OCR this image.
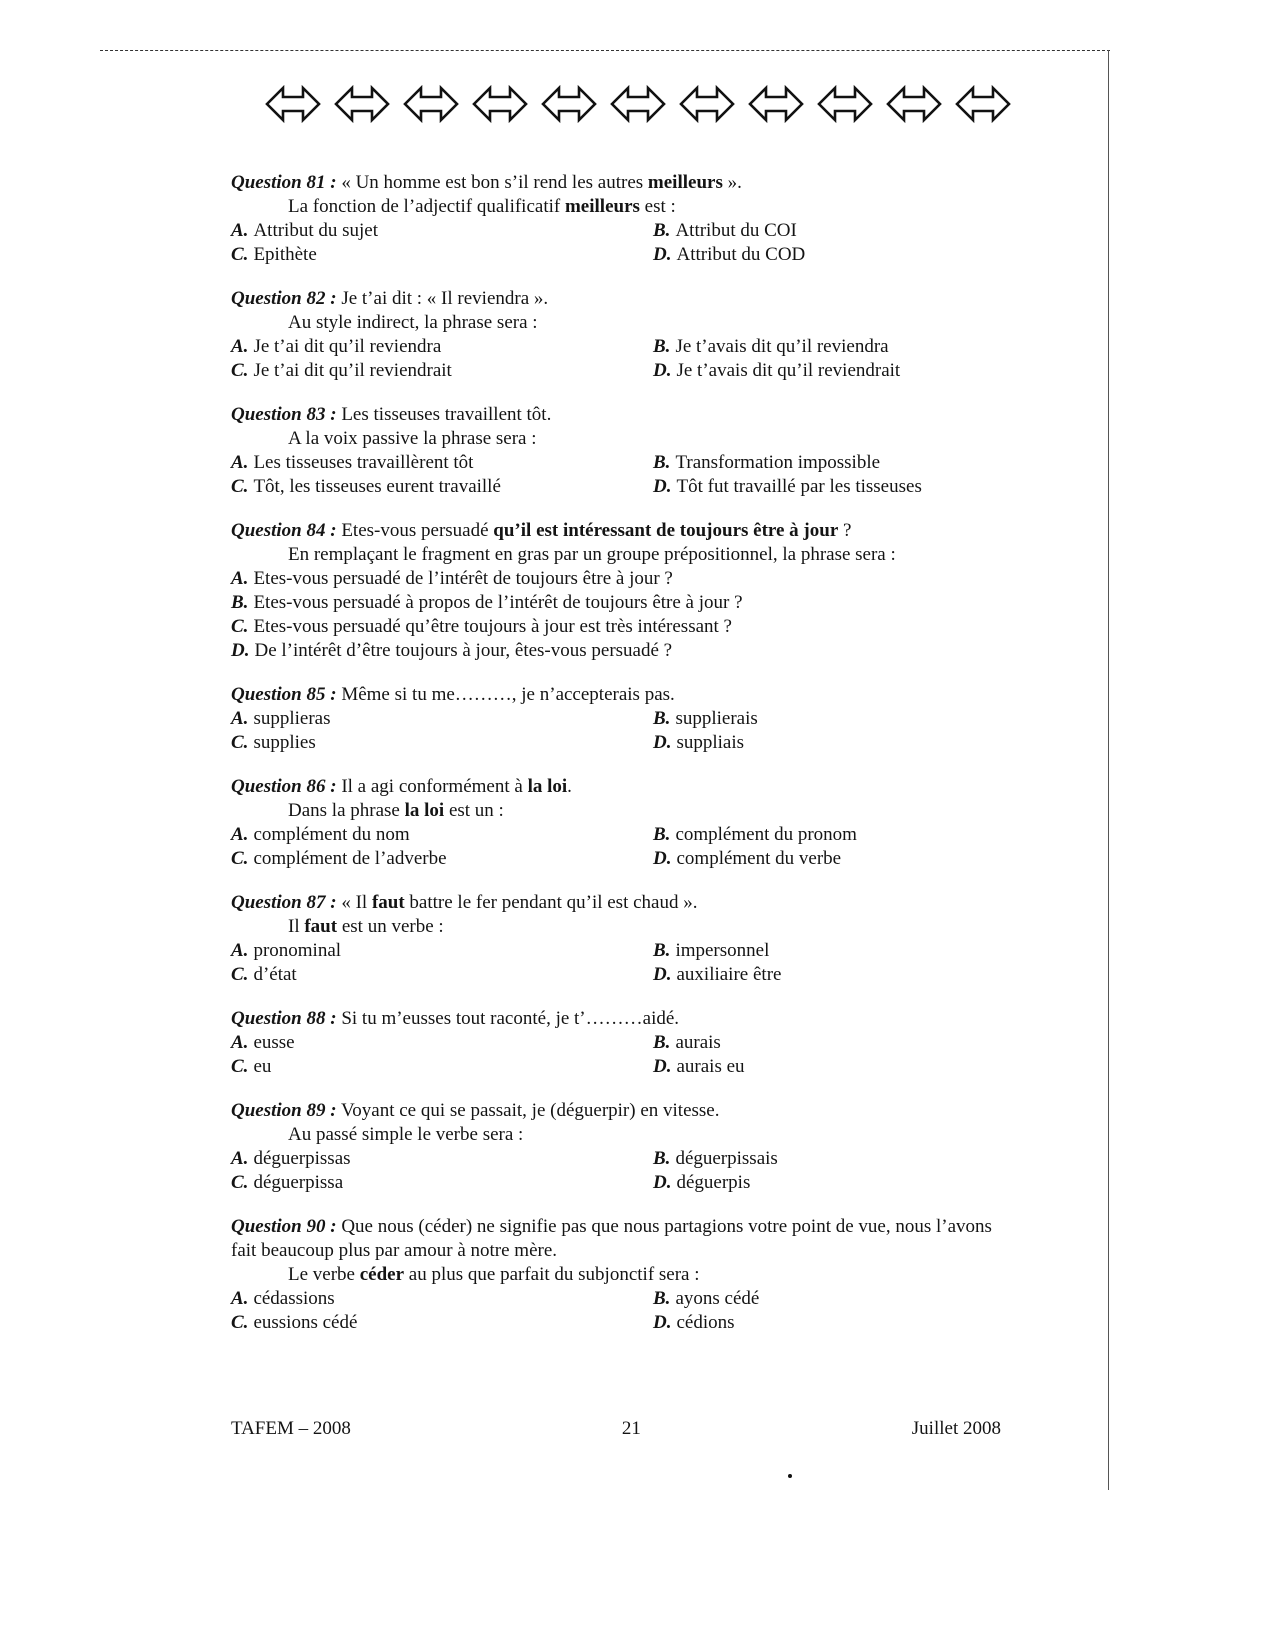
Question 81 : « Un homme est bon s’il rend les autres meilleurs ».

La fonction de l’adjectif qualificatif meilleurs est :

A. Attribut du sujet	B. Attribut du COI
C. Epithète	D. Attribut du COD

Question 82 : Je t’ai dit : « Il reviendra ».

Au style indirect, la phrase sera :

A. Je t’ai dit qu’il reviendra	B. Je t’avais dit qu’il reviendra
C. Je t’ai dit qu’il reviendrait	D. Je t’avais dit qu’il reviendrait

Question 83 : Les tisseuses travaillent tôt.

A la voix passive la phrase sera :

A. Les tisseuses travaillèrent tôt	B. Transformation impossible
C. Tôt, les tisseuses eurent travaillé	D. Tôt fut travaillé par les tisseuses

Question 84 : Etes-vous persuadé qu’il est intéressant de toujours être à jour ?

En remplaçant le fragment en gras par un groupe prépositionnel, la phrase sera :

A. Etes-vous persuadé de l’intérêt de toujours être à jour ?
B. Etes-vous persuadé à propos de l’intérêt de toujours être à jour ?
C. Etes-vous persuadé qu’être toujours à jour est très intéressant ?
D. De l’intérêt d’être toujours à jour, êtes-vous persuadé ?

Question 85 : Même si tu me………, je n’accepterais pas.

A. supplieras	B. supplierais
C. supplies	D. suppliais

Question 86 : Il a agi conformément à la loi.

Dans la phrase la loi est un :

A. complément du nom	B. complément du pronom
C. complément de l’adverbe	D. complément du verbe

Question 87 : « Il faut battre le fer pendant qu’il est chaud ».

Il faut est un verbe :

A. pronominal	B. impersonnel
C. d’état	D. auxiliaire être

Question 88 : Si tu m’eusses tout raconté, je t’………aidé.

A. eusse	B. aurais
C. eu	D. aurais eu

Question 89 : Voyant ce qui se passait, je (déguerpir) en vitesse.

Au passé simple le verbe sera :

A. déguerpissas	B. déguerpissais
C. déguerpissa	D. déguerpis

Question 90 : Que nous (céder) ne signifie pas que nous partagions votre point de vue, nous l’avons fait beaucoup plus par amour à notre mère.

Le verbe céder au plus que parfait du subjonctif sera :

A. cédassions	B. ayons cédé
C. eussions cédé	D. cédions
TAFEM – 2008	21	Juillet 2008
